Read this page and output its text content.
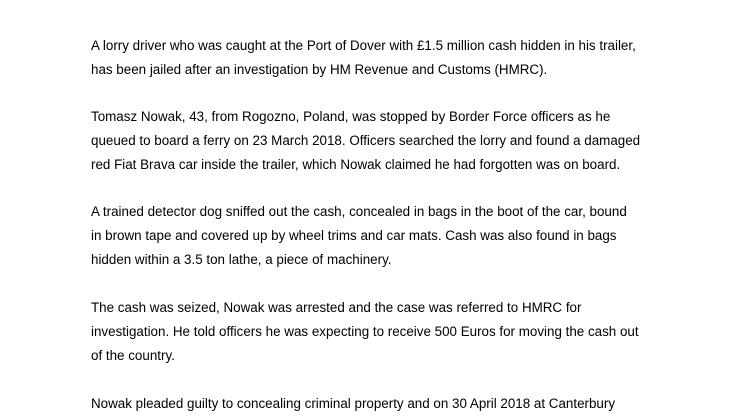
A lorry driver who was caught at the Port of Dover with £1.5 million cash hidden in his trailer,
has been jailed after an investigation by HM Revenue and Customs (HMRC).

Tomasz Nowak, 43, from Rogozno, Poland, was stopped by Border Force officers as he
queued to board a ferry on 23 March 2018. Officers searched the lorry and found a damaged
red Fiat Brava car inside the trailer, which Nowak claimed he had forgotten was on board.

A trained detector dog sniffed out the cash, concealed in bags in the boot of the car, bound
in brown tape and covered up by wheel trims and car mats. Cash was also found in bags
hidden within a 3.5 ton lathe, a piece of machinery.

The cash was seized, Nowak was arrested and the case was referred to HMRC for
investigation. He told officers he was expecting to receive 500 Euros for moving the cash out
of the country.

Nowak pleaded guilty to concealing criminal property and on 30 April 2018 at Canterbury
